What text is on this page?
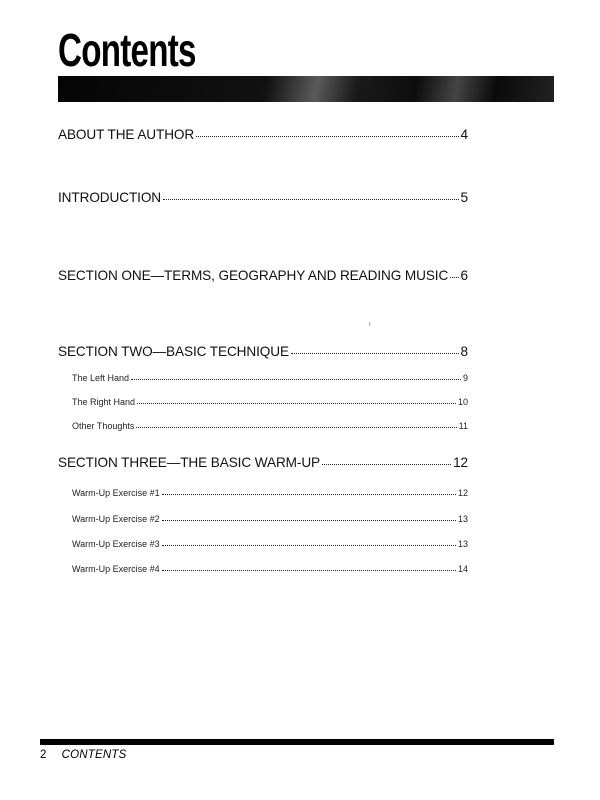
Contents
ABOUT THE AUTHOR	4
INTRODUCTION	5
SECTION ONE—TERMS, GEOGRAPHY AND READING MUSIC 6
SECTION TWO—BASIC TECHNIQUE	8
The Left Hand	9
The Right Hand	10
Other Thoughts	11
SECTION THREE—THE BASIC WARM-UP	12
Warm-Up Exercise #1	12
Warm-Up Exercise #2	13
Warm-Up Exercise #3	13
Warm-Up Exercise #4	14
ι
2 CONTENTS
